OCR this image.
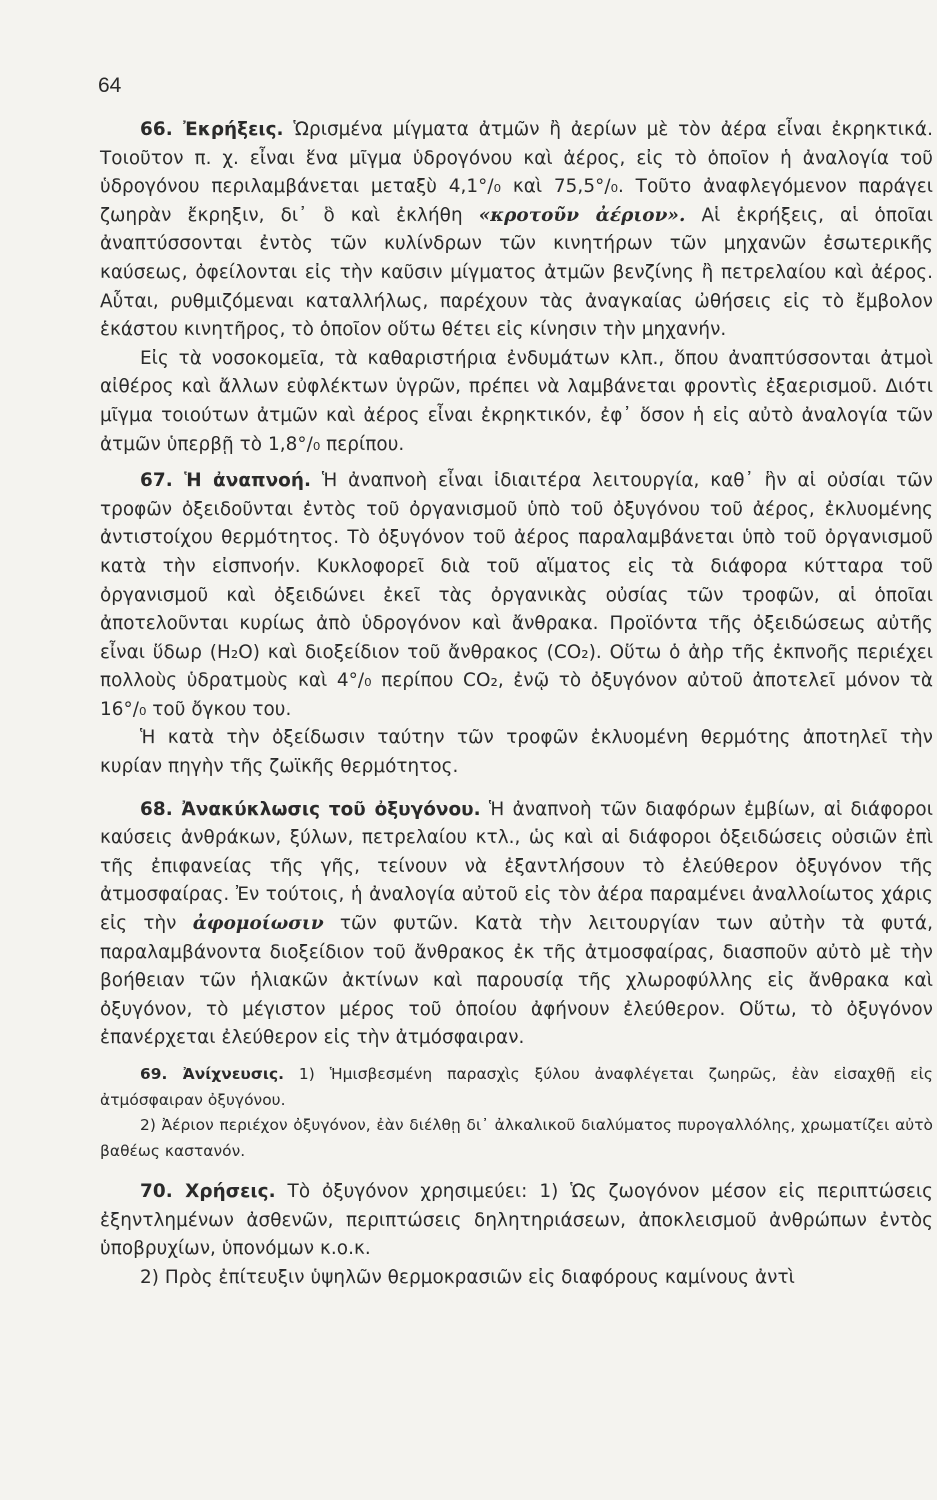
64

66. Ἐκρήξεις. Ὡρισμένα μίγματα ἀτμῶν ἢ ἀερίων μὲ τὸν ἀέρα εἶναι ἐκρηκτικά. Τοιοῦτον π. χ. εἶναι ἕνα μῖγμα ὑδρογόνου καὶ ἀέρος, εἰς τὸ ὁποῖον ἡ ἀναλογία τοῦ ὑδρογόνου περιλαμβάνεται μεταξὺ 4,1°/₀ καὶ 75,5°/₀. Τοῦτο ἀναφλεγόμενον παράγει ζωηρὰν ἔκρηξιν, δι᾽ ὃ καὶ ἐκλήθη «κροτοῦν ἀέριον». Αἱ ἐκρήξεις, αἱ ὁποῖαι ἀναπτύσσονται ἐντὸς τῶν κυλίνδρων τῶν κινητήρων τῶν μηχανῶν ἐσωτερικῆς καύσεως, ὀφείλονται εἰς τὴν καῦσιν μίγματος ἀτμῶν βενζίνης ἢ πετρελαίου καὶ ἀέρος. Αὗται, ρυθμιζόμεναι καταλλήλως, παρέχουν τὰς ἀναγκαίας ὠθήσεις εἰς τὸ ἔμβολον ἑκάστου κινητῆρος, τὸ ὁποῖον οὕτω θέτει εἰς κίνησιν τὴν μηχανήν.

Εἰς τὰ νοσοκομεῖα, τὰ καθαριστήρια ἐνδυμάτων κλπ., ὅπου ἀναπτύσσονται ἀτμοὶ αἰθέρος καὶ ἄλλων εὐφλέκτων ὑγρῶν, πρέπει νὰ λαμβάνεται φροντὶς ἐξαερισμοῦ. Διότι μῖγμα τοιούτων ἀτμῶν καὶ ἀέρος εἶναι ἐκρηκτικόν, ἐφ᾽ ὅσον ἡ εἰς αὐτὸ ἀναλογία τῶν ἀτμῶν ὑπερβῇ τὸ 1,8°/₀ περίπου.

67. Ἡ ἀναπνοή. Ἡ ἀναπνοὴ εἶναι ἰδιαιτέρα λειτουργία, καθ᾽ ἣν αἱ οὐσίαι τῶν τροφῶν ὀξειδοῦνται ἐντὸς τοῦ ὀργανισμοῦ ὑπὸ τοῦ ὀξυγόνου τοῦ ἀέρος, ἐκλυομένης ἀντιστοίχου θερμότητος. Τὸ ὀξυγόνον τοῦ ἀέρος παραλαμβάνεται ὑπὸ τοῦ ὀργανισμοῦ κατὰ τὴν εἰσπνοήν. Κυκλοφορεῖ διὰ τοῦ αἵματος εἰς τὰ διάφορα κύτταρα τοῦ ὀργανισμοῦ καὶ ὀξειδώνει ἐκεῖ τὰς ὀργανικὰς οὐσίας τῶν τροφῶν, αἱ ὁποῖαι ἀποτελοῦνται κυρίως ἀπὸ ὑδρογόνον καὶ ἄνθρακα. Προϊόντα τῆς ὀξειδώσεως αὐτῆς εἶναι ὕδωρ (H₂O) καὶ διοξείδιον τοῦ ἄνθρακος (CO₂). Οὕτω ὁ ἀὴρ τῆς ἐκπνοῆς περιέχει πολλοὺς ὑδρατμοὺς καὶ 4°/₀ περίπου CO₂, ἐνῷ τὸ ὀξυγόνον αὐτοῦ ἀποτελεῖ μόνον τὰ 16°/₀ τοῦ ὄγκου του.

Ἡ κατὰ τὴν ὀξείδωσιν ταύτην τῶν τροφῶν ἐκλυομένη θερμότης ἀποτηλεῖ τὴν κυρίαν πηγὴν τῆς ζωϊκῆς θερμότητος.

68. Ἀνακύκλωσις τοῦ ὀξυγόνου. Ἡ ἀναπνοὴ τῶν διαφόρων ἐμβίων, αἱ διάφοροι καύσεις ἀνθράκων, ξύλων, πετρελαίου κτλ., ὡς καὶ αἱ διάφοροι ὀξειδώσεις οὐσιῶν ἐπὶ τῆς ἐπιφανείας τῆς γῆς, τείνουν νὰ ἐξαντλήσουν τὸ ἐλεύθερον ὀξυγόνον τῆς ἀτμοσφαίρας. Ἐν τούτοις, ἡ ἀναλογία αὐτοῦ εἰς τὸν ἀέρα παραμένει ἀναλλοίωτος χάρις εἰς τὴν ἀφομοίωσιν τῶν φυτῶν. Κατὰ τὴν λειτουργίαν των αὐτὴν τὰ φυτά, παραλαμβάνοντα διοξείδιον τοῦ ἄνθρακος ἐκ τῆς ἀτμοσφαίρας, διασποῦν αὐτὸ μὲ τὴν βοήθειαν τῶν ἡλιακῶν ἀκτίνων καὶ παρουσίᾳ τῆς χλωροφύλλης εἰς ἄνθρακα καὶ ὀξυγόνον, τὸ μέγιστον μέρος τοῦ ὁποίου ἀφήνουν ἐλεύθερον. Οὕτω, τὸ ὀξυγόνον ἐπανέρχεται ἐλεύθερον εἰς τὴν ἀτμόσφαιραν.

69. Ἀνίχνευσις. 1) Ἡμισβεσμένη παρασχὶς ξύλου ἀναφλέγεται ζωηρῶς, ἐὰν εἰσαχθῇ εἰς ἀτμόσφαιραν ὀξυγόνου.

2) Ἀέριον περιέχον ὀξυγόνον, ἐὰν διέλθῃ δι᾽ ἀλκαλικοῦ διαλύματος πυρογαλλόλης, χρωματίζει αὐτὸ βαθέως καστανόν.

70. Χρήσεις. Τὸ ὀξυγόνον χρησιμεύει: 1) Ὡς ζωογόνον μέσον εἰς περιπτώσεις ἐξηντλημένων ἀσθενῶν, περιπτώσεις δηλητηριάσεων, ἀποκλεισμοῦ ἀνθρώπων ἐντὸς ὑποβρυχίων, ὑπονόμων κ.ο.κ.

2) Πρὸς ἐπίτευξιν ὑψηλῶν θερμοκρασιῶν εἰς διαφόρους καμίνους ἀντὶ
